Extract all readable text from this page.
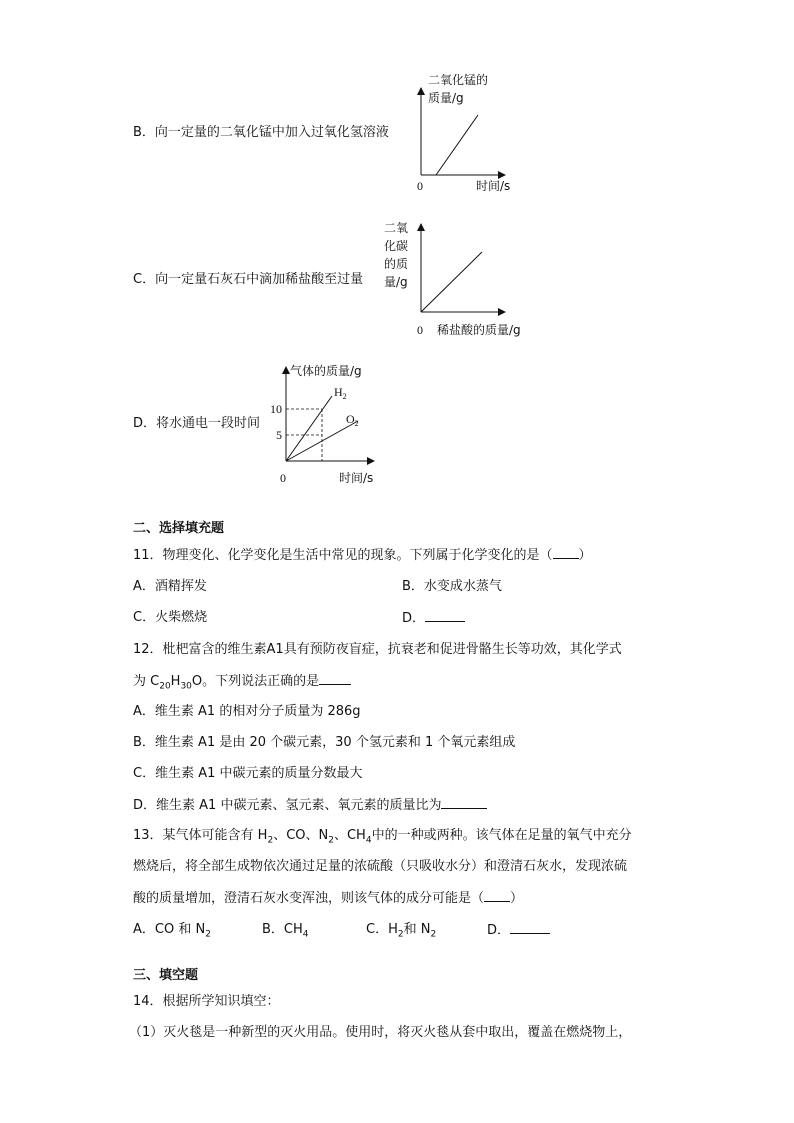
B．向一定量的二氧化锰中加入过氧化氢溶液
二氧化锰的
质量/g
0	时间/s
C．向一定量石灰石中滴加稀盐酸至过量
二氧
化碳
的质
量/g
0 稀盐酸的质量/g
D．将水通电一段时间
气体的质量/g
10
5
$H_2$
$O_2$
0	时间/s
二、选择填充题
11．物理变化、化学变化是生活中常见的现象。下列属于化学变化的是（ ）
A．酒精挥发	B．水变成水蒸气
C．火柴燃烧	D．
12．枇杷富含的维生素A1具有预防夜盲症，抗衰老和促进骨骼生长等功效，其化学式
为 $C_{20}H_{30}O$。下列说法正确的是
A．维生素 A1 的相对分子质量为 286g
B．维生素 A1 是由 20 个碳元素，30 个氢元素和 1 个氧元素组成
C．维生素 A1 中碳元素的质量分数最大
D．维生素 A1 中碳元素、氢元素、氧元素的质量比为
13．某气体可能含有 $H_2$、CO、$N_2$、$CH_4$中的一种或两种。该气体在足量的氧气中充分
燃烧后，将全部生成物依次通过足量的浓硫酸（只吸收水分）和澄清石灰水，发现浓硫
酸的质量增加，澄清石灰水变浑浊，则该气体的成分可能是（ ）
A．CO 和 $N_2$	B．$CH_4$	C．$H_2$和 $N_2$	D．
三、填空题
14．根据所学知识填空：
（1）灭火毯是一种新型的灭火用品。使用时，将灭火毯从套中取出，覆盖在燃烧物上，
